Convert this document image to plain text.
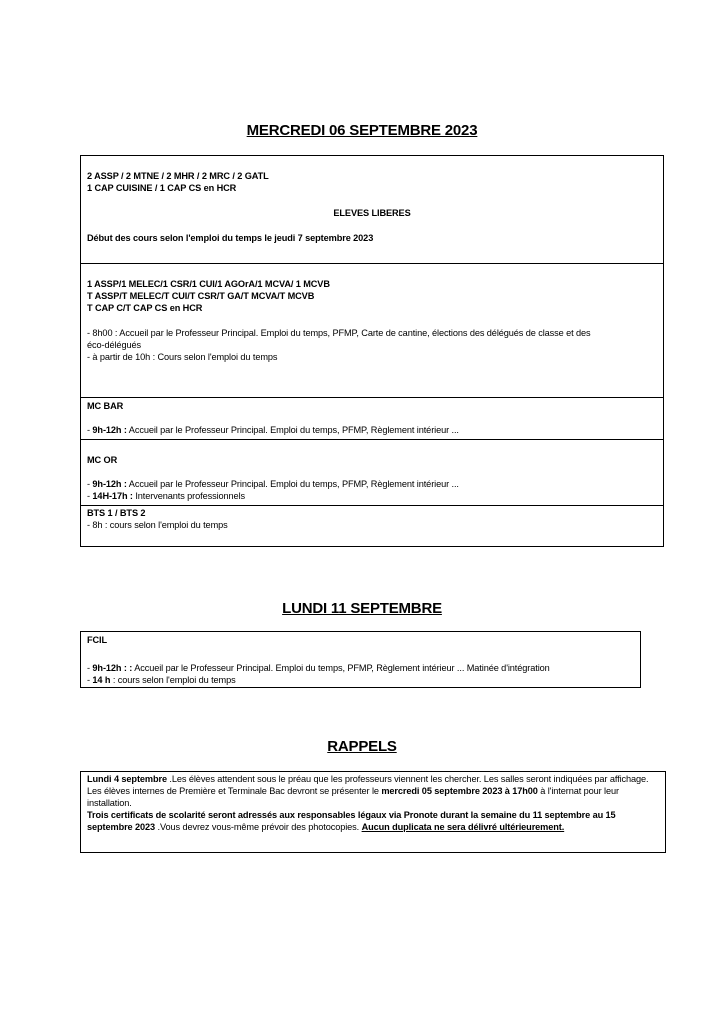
MERCREDI 06 SEPTEMBRE 2023
2 ASSP / 2 MTNE / 2 MHR / 2 MRC / 2 GATL
1 CAP CUISINE / 1 CAP CS en HCR
ELEVES LIBERES
Début des cours selon l'emploi du temps le jeudi 7 septembre 2023
1 ASSP/1 MELEC/1 CSR/1 CUI/1 AGOrA/1 MCVA/ 1 MCVB
T ASSP/T MELEC/T CUI/T CSR/T GA/T MCVA/T MCVB
T CAP C/T CAP CS en HCR
- 8h00 : Accueil par le Professeur Principal. Emploi du temps, PFMP, Carte de cantine, élections des délégués de classe et des
éco-délégués
- à partir de 10h : Cours selon l'emploi du temps
MC BAR
- 9h-12h : Accueil par le Professeur Principal. Emploi du temps, PFMP, Règlement intérieur ...
MC OR
- 9h-12h : Accueil par le Professeur Principal. Emploi du temps, PFMP, Règlement intérieur ...
- 14H-17h : Intervenants professionnels
BTS 1 / BTS 2
- 8h : cours selon l'emploi du temps
LUNDI 11 SEPTEMBRE
FCIL
- 9h-12h : : Accueil par le Professeur Principal. Emploi du temps, PFMP, Règlement intérieur ... Matinée d'intégration
- 14 h : cours selon l'emploi du temps
RAPPELS
Lundi 4 septembre .Les élèves attendent sous le préau que les professeurs viennent les chercher. Les salles seront indiquées par affichage.
Les élèves internes de Première et Terminale Bac devront se présenter le mercredi 05 septembre 2023 à 17h00 à l'internat pour leur installation.
Trois certificats de scolarité seront adressés aux responsables légaux via Pronote durant la semaine du 11 septembre au 15 septembre 2023 .Vous devrez vous-même prévoir des photocopies. Aucun duplicata ne sera délivré ultérieurement.
